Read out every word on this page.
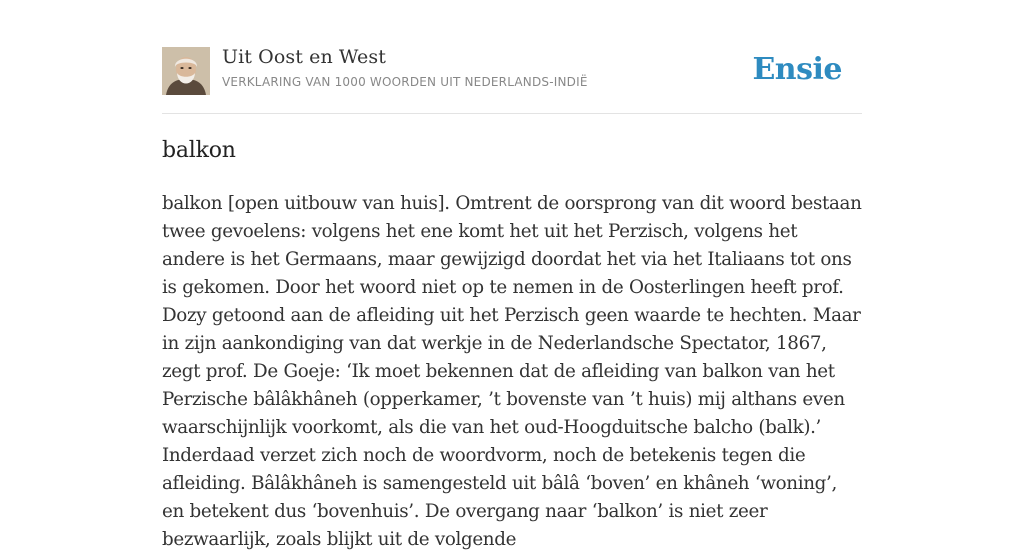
Uit Oost en West
VERKLARING VAN 1000 WOORDEN UIT NEDERLANDS-INDIË	Ensie
balkon

balkon [open uitbouw van huis]. Omtrent de oorsprong van dit woord bestaan twee gevoelens: volgens het ene komt het uit het Perzisch, volgens het andere is het Germaans, maar gewijzigd doordat het via het Italiaans tot ons is gekomen. Door het woord niet op te nemen in de Oosterlingen heeft prof. Dozy getoond aan de afleiding uit het Perzisch geen waarde te hechten. Maar in zijn aankondiging van dat werkje in de Nederlandsche Spectator, 1867, zegt prof. De Goeje: ‘Ik moet bekennen dat de afleiding van balkon van het Perzische bâlâkhâneh (opperkamer, ’t bovenste van ’t huis) mij althans even waarschijnlijk voorkomt, als die van het oud-Hoogduitsche balcho (balk).’ Inderdaad verzet zich noch de woordvorm, noch de betekenis tegen die afleiding. Bâlâkhâneh is samengesteld uit bâlâ ‘boven’ en khâneh ‘woning’, en betekent dus ‘bovenhuis’. De overgang naar ‘balkon’ is niet zeer bezwaarlijk, zoals blijkt uit de volgende
